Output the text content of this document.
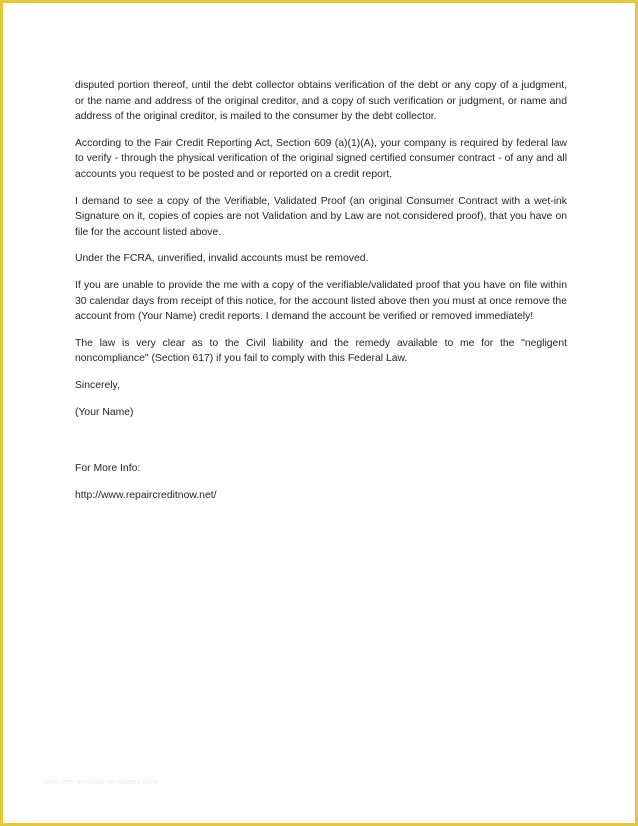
disputed portion thereof, until the debt collector obtains verification of the debt or any copy of a judgment, or the name and address of the original creditor, and a copy of such verification or judgment, or name and address of the original creditor, is mailed to the consumer by the debt collector.

According to the Fair Credit Reporting Act, Section 609 (a)(1)(A), your company is required by federal law to verify - through the physical verification of the original signed certified consumer contract - of any and all accounts you request to be posted and or reported on a credit report.

I demand to see a copy of the Verifiable, Validated Proof (an original Consumer Contract with a wet-ink Signature on it, copies of copies are not Validation and by Law are not considered proof), that you have on file for the account listed above.

Under the FCRA, unverified, invalid accounts must be removed.

If you are unable to provide the me with a copy of the verifiable/validated proof that you have on file within 30 calendar days from receipt of this notice, for the account listed above then you must at once remove the account from (Your Name) credit reports. I demand the account be verified or removed immediately!

The law is very clear as to the Civil liability and the remedy available to me for the "negligent noncompliance" (Section 617) if you fail to comply with this Federal Law.

Sincerely,

(Your Name)

For More Info:

http://www.repaircreditnow.net/

www.free-printable-templates.com
